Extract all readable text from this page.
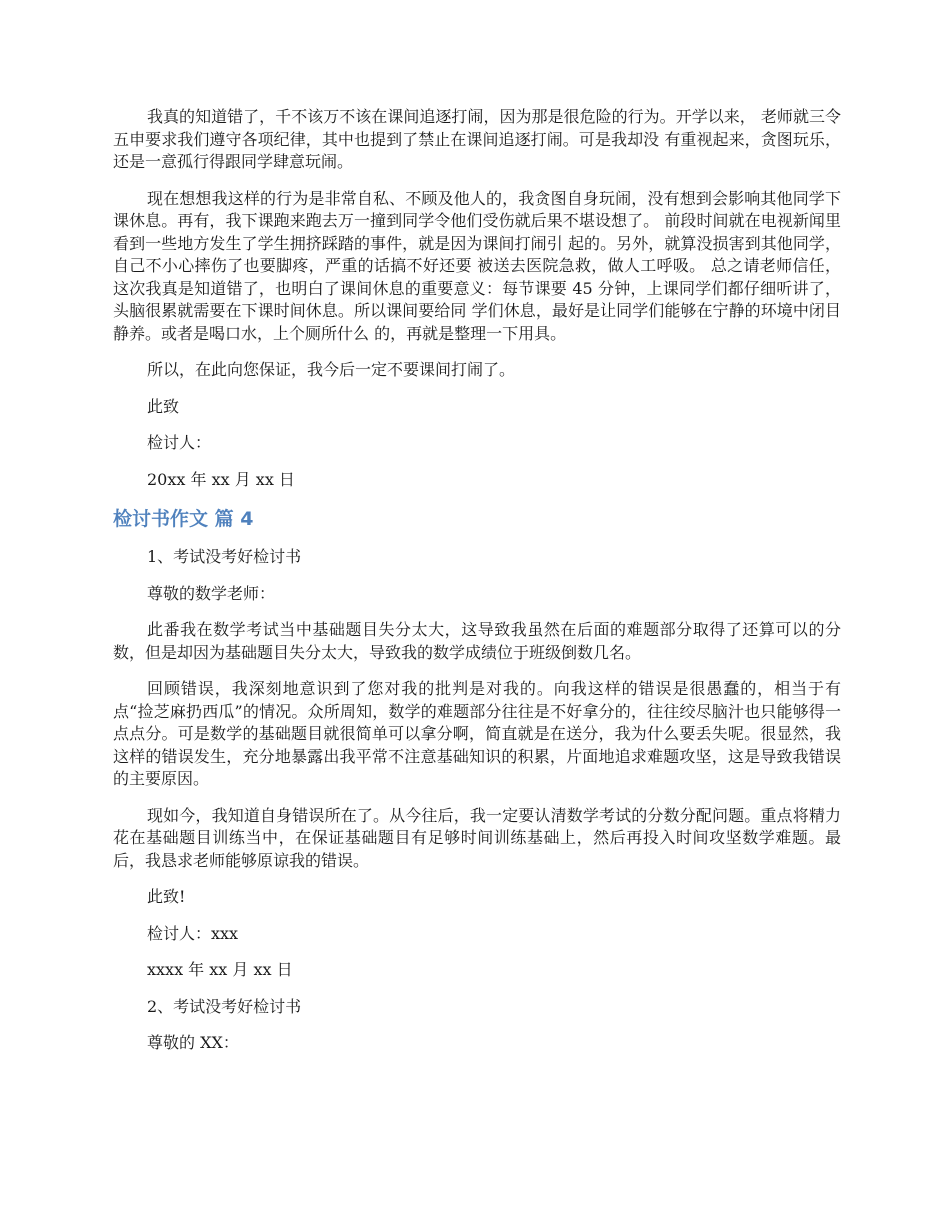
我真的知道错了，千不该万不该在课间追逐打闹，因为那是很危险的行为。开学以来， 老师就三令五申要求我们遵守各项纪律，其中也提到了禁止在课间追逐打闹。可是我却没 有重视起来，贪图玩乐，还是一意孤行得跟同学肆意玩闹。

现在想想我这样的行为是非常自私、不顾及他人的，我贪图自身玩闹，没有想到会影响其他同学下课休息。再有，我下课跑来跑去万一撞到同学令他们受伤就后果不堪设想了。 前段时间就在电视新闻里看到一些地方发生了学生拥挤踩踏的事件，就是因为课间打闹引 起的。另外，就算没损害到其他同学，自己不小心摔伤了也要脚疼，严重的话搞不好还要 被送去医院急救，做人工呼吸。 总之请老师信任，这次我真是知道错了，也明白了课间休息的重要意义：每节课要 45 分钟，上课同学们都仔细听讲了，头脑很累就需要在下课时间休息。所以课间要给同 学们休息，最好是让同学们能够在宁静的环境中闭目静养。或者是喝口水，上个厕所什么 的，再就是整理一下用具。

所以，在此向您保证，我今后一定不要课间打闹了。

此致

检讨人：

20xx 年 xx 月 xx 日

检讨书作文 篇 4

1、考试没考好检讨书

尊敬的数学老师：

此番我在数学考试当中基础题目失分太大，这导致我虽然在后面的难题部分取得了还算可以的分数，但是却因为基础题目失分太大，导致我的数学成绩位于班级倒数几名。

回顾错误，我深刻地意识到了您对我的批判是对我的。向我这样的错误是很愚蠢的，相当于有点“捡芝麻扔西瓜”的情况。众所周知，数学的难题部分往往是不好拿分的，往往绞尽脑汁也只能够得一点点分。可是数学的基础题目就很简单可以拿分啊，简直就是在送分，我为什么要丢失呢。很显然，我这样的错误发生，充分地暴露出我平常不注意基础知识的积累，片面地追求难题攻坚，这是导致我错误的主要原因。

现如今，我知道自身错误所在了。从今往后，我一定要认清数学考试的分数分配问题。重点将精力花在基础题目训练当中，在保证基础题目有足够时间训练基础上，然后再投入时间攻坚数学难题。最后，我恳求老师能够原谅我的错误。

此致!

检讨人：xxx

xxxx 年 xx 月 xx 日

2、考试没考好检讨书

尊敬的 XX：
